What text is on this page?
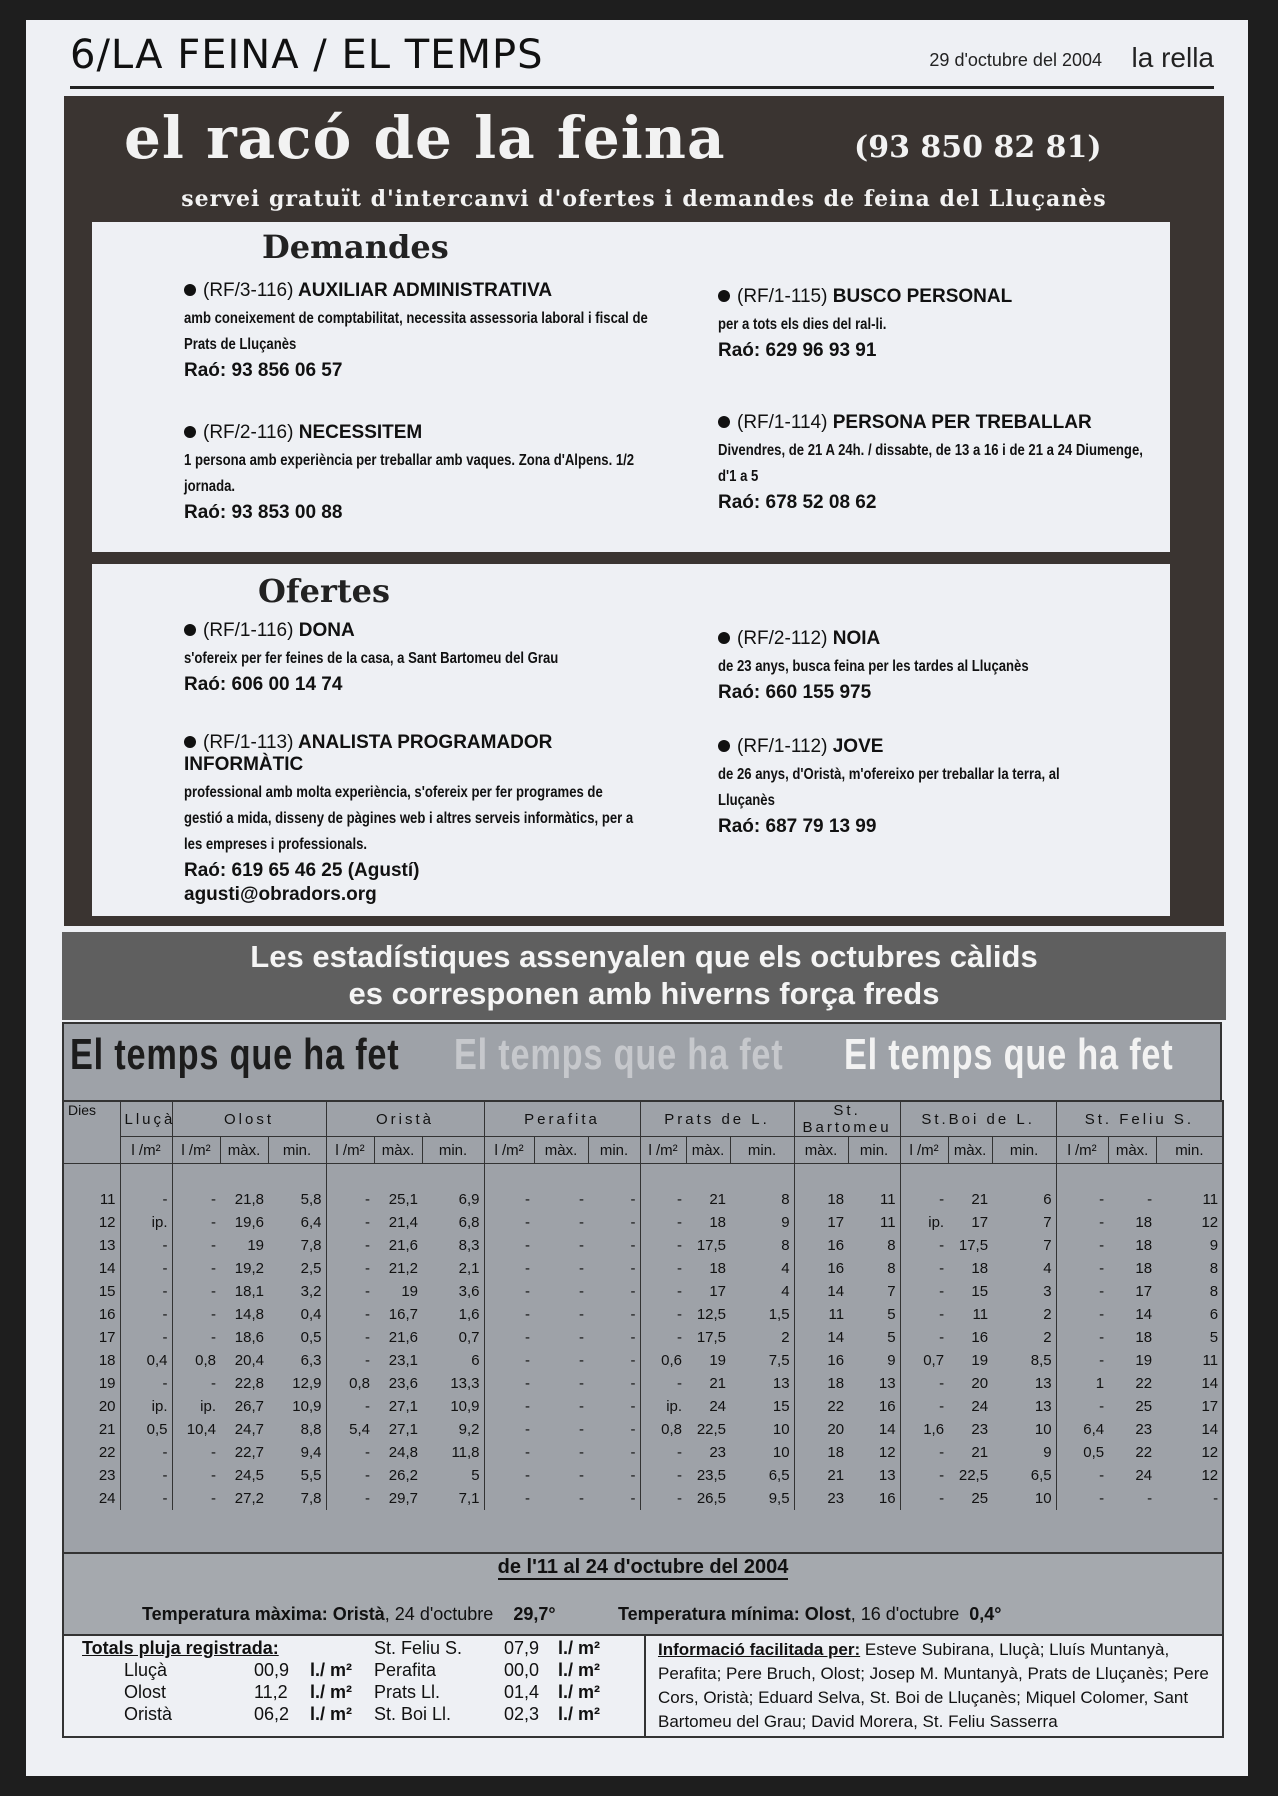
6/LA FEINA / EL TEMPS	29 d'octubre del 2004 la rella
el racó de la feina	(93 850 82 81)
servei gratuït d'intercanvi d'ofertes i demandes de feina del Lluçanès
Demandes
(RF/3-116) AUXILIAR ADMINISTRATIVA
amb coneixement de comptabilitat, necessita assessoria laboral i fiscal de Prats de Lluçanès
Raó: 93 856 06 57
(RF/2-116) NECESSITEM
1 persona amb experiència per treballar amb vaques. Zona d'Alpens. 1/2 jornada.
Raó: 93 853 00 88
(RF/1-115) BUSCO PERSONAL
per a tots els dies del ral-li.
Raó: 629 96 93 91
(RF/1-114) PERSONA PER TREBALLAR
Divendres, de 21 A 24h. / dissabte, de 13 a 16 i de 21 a 24 Diumenge, d'1 a 5
Raó: 678 52 08 62
Ofertes
(RF/1-116) DONA
s'ofereix per fer feines de la casa, a Sant Bartomeu del Grau
Raó: 606 00 14 74
(RF/1-113) ANALISTA PROGRAMADOR INFORMÀTIC
professional amb molta experiència, s'ofereix per fer programes de gestió a mida, disseny de pàgines web i altres serveis informàtics, per a les empreses i professionals.
Raó: 619 65 46 25 (Agustí)
agusti@obradors.org
(RF/2-112) NOIA
de 23 anys, busca feina per les tardes al Lluçanès
Raó: 660 155 975
(RF/1-112) JOVE
de 26 anys, d'Oristà, m'ofereixo per treballar la terra, al Lluçanès
Raó: 687 79 13 99
Les estadístiques assenyalen que els octubres càlids
es corresponen amb hiverns força freds
El temps que ha fet El temps que ha fet El temps que ha fet
Dies	Lluçà	Olost			Oristà			Perafita			Prats de L.			St. Bartomeu		St.Boi de L.			St. Feliu S.		
	l /m²	l /m²	màx.	min.	l /m²	màx.	min.	l /m²	màx.	min.	l /m²	màx.	min.	màx.	min.	l /m²	màx.	min.	l /m²	màx.	min.
11	-	-	21,8	5,8	-	25,1	6,9	-	-	-	-	21	8	18	11	-	21	6	-	-	11
12	ip.	-	19,6	6,4	-	21,4	6,8	-	-	-	-	18	9	17	11	ip.	17	7	-	18	12
13	-	-	19	7,8	-	21,6	8,3	-	-	-	-	17,5	8	16	8	-	17,5	7	-	18	9
14	-	-	19,2	2,5	-	21,2	2,1	-	-	-	-	18	4	16	8	-	18	4	-	18	8
15	-	-	18,1	3,2	-	19	3,6	-	-	-	-	17	4	14	7	-	15	3	-	17	8
16	-	-	14,8	0,4	-	16,7	1,6	-	-	-	-	12,5	1,5	11	5	-	11	2	-	14	6
17	-	-	18,6	0,5	-	21,6	0,7	-	-	-	-	17,5	2	14	5	-	16	2	-	18	5
18	0,4	0,8	20,4	6,3	-	23,1	6	-	-	-	0,6	19	7,5	16	9	0,7	19	8,5	-	19	11
19	-	-	22,8	12,9	0,8	23,6	13,3	-	-	-	-	21	13	18	13	-	20	13	1	22	14
20	ip.	ip.	26,7	10,9	-	27,1	10,9	-	-	-	ip.	24	15	22	16	-	24	13	-	25	17
21	0,5	10,4	24,7	8,8	5,4	27,1	9,2	-	-	-	0,8	22,5	10	20	14	1,6	23	10	6,4	23	14
22	-	-	22,7	9,4	-	24,8	11,8	-	-	-	-	23	10	18	12	-	21	9	0,5	22	12
23	-	-	24,5	5,5	-	26,2	5	-	-	-	-	23,5	6,5	21	13	-	22,5	6,5	-	24	12
24	-	-	27,2	7,8	-	29,7	7,1	-	-	-	-	26,5	9,5	23	16	-	25	10	-	-	-
de l'11 al 24 d'octubre del 2004
Temperatura màxima: Oristà, 24 d'octubre 29,7°	Temperatura mínima: Olost, 16 d'octubre 0,4°
Totals pluja registrada:
Lluçà	00,9 l./ m²
Olost	11,2 l./ m²
Oristà	06,2 l./ m²
St. Feliu S. 07,9 l./ m²
Perafita	00,0 l./ m²
Prats Ll.	01,4 l./ m²
St. Boi Ll.	02,3 l./ m²
Informació facilitada per: Esteve Subirana, Lluçà; Lluís Muntanyà, Perafita; Pere Bruch, Olost; Josep M. Muntanyà, Prats de Lluçanès; Pere Cors, Oristà; Eduard Selva, St. Boi de Lluçanès; Miquel Colomer, Sant Bartomeu del Grau; David Morera, St. Feliu Sasserra
